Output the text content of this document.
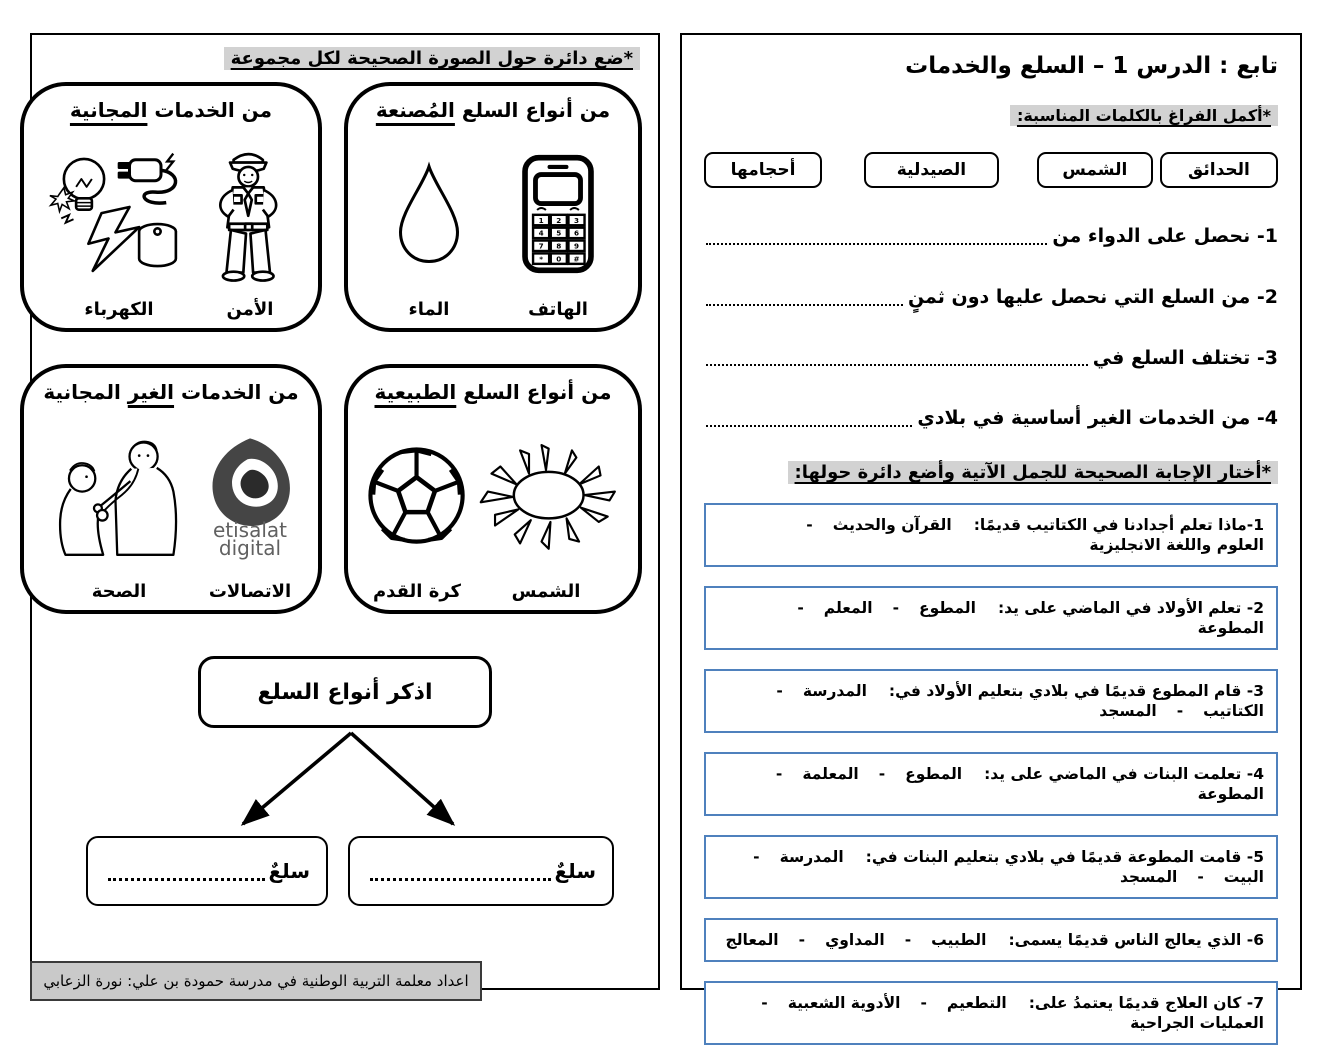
تابع : الدرس 1 – السلع والخدمات
*أكمل الفراغ بالكلمات المناسبة:
الحدائق
الشمس
الصيدلية
أحجامها
1- نحصل على الدواء من
2- من السلع التي نحصل عليها دون ثمنٍ
3- تختلف السلع في
4- من الخدمات الغير أساسية في بلادي
*أختار الإجابة الصحيحة للجمل الآتية وأضع دائرة حولها:
1-ماذا تعلم أجدادنا في الكتاتيب قديمًا:
القرآن والحديث
-
العلوم واللغة الانجليزية
2- تعلم الأولاد في الماضي على يد:
المطوع
-
المعلم
-
المطوعة
3- قام المطوع قديمًا في بلادي بتعليم الأولاد في:
المدرسة
-
الكتاتيب
-
المسجد
4- تعلمت البنات في الماضي على يد:
المطوع
-
المعلمة
-
المطوعة
5- قامت المطوعة قديمًا في بلادي بتعليم البنات في:
المدرسة
-
البيت
-
المسجد
6- الذي يعالج الناس قديمًا يسمى:
الطبيب
-
المداوي
-
المعالج
7- كان العلاج قديمًا يعتمدُ على:
التطعيم
-
الأدوية الشعبية
-
العمليات الجراحية
*ضع دائرة حول الصورة الصحيحة لكل مجموعة
من أنواع السلع المُصنعة
1 2 3
4 5 6
7 8 9
* 0 #
الهاتف
الماء
من الخدمات المجانية
الأمن
الكهرباء
من أنواع السلع الطبيعية
الشمس
كرة القدم
من الخدمات الغير المجانية
etisalat
digital
الاتصالات
الصحة
اذكر أنواع السلع
سلعٌ
سلعٌ
اعداد معلمة التربية الوطنية في مدرسة حمودة بن علي: نورة الزعابي
